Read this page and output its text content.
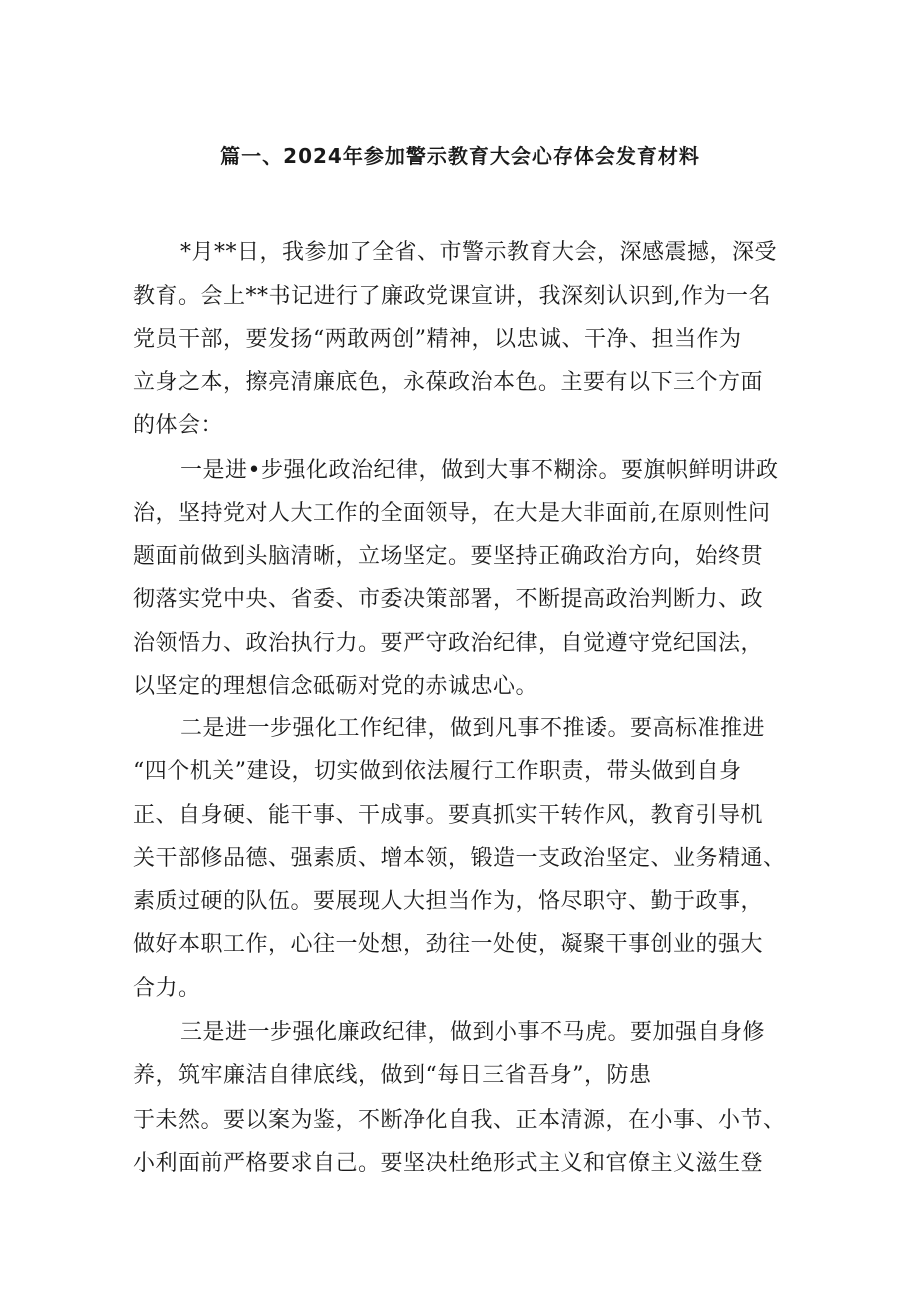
篇一、2024年参加警示教育大会心存体会发育材料
*月**日，我参加了全省、市警示教育大会，深感震撼，深受
教育。会上**书记进行了廉政党课宣讲，我深刻认识到,作为一名
党员干部，要发扬“两敢两创”精神，以忠诚、干净、担当作为
立身之本，擦亮清廉底色，永葆政治本色。主要有以下三个方面
的体会：
一是进•步强化政治纪律，做到大事不糊涂。要旗帜鲜明讲政
治，坚持党对人大工作的全面领导，在大是大非面前,在原则性问
题面前做到头脑清晰，立场坚定。要坚持正确政治方向，始终贯
彻落实党中央、省委、市委决策部署，不断提高政治判断力、政
治领悟力、政治执行力。要严守政治纪律，自觉遵守党纪国法，
以坚定的理想信念砥砺对党的赤诚忠心。
二是进一步强化工作纪律，做到凡事不推诿。要高标准推进
“四个机关”建设，切实做到依法履行工作职责，带头做到自身
正、自身硬、能干事、干成事。要真抓实干转作风，教育引导机
关干部修品德、强素质、增本领，锻造一支政治坚定、业务精通、
素质过硬的队伍。要展现人大担当作为，恪尽职守、勤于政事，
做好本职工作，心往一处想，劲往一处使，凝聚干事创业的强大
合力。
三是进一步强化廉政纪律，做到小事不马虎。要加强自身修
养，筑牢廉洁自律底线，做到“每日三省吾身”，防患
于未然。要以案为鉴，不断净化自我、正本清源，在小事、小节、
小利面前严格要求自己。要坚决杜绝形式主义和官僚主义滋生登
